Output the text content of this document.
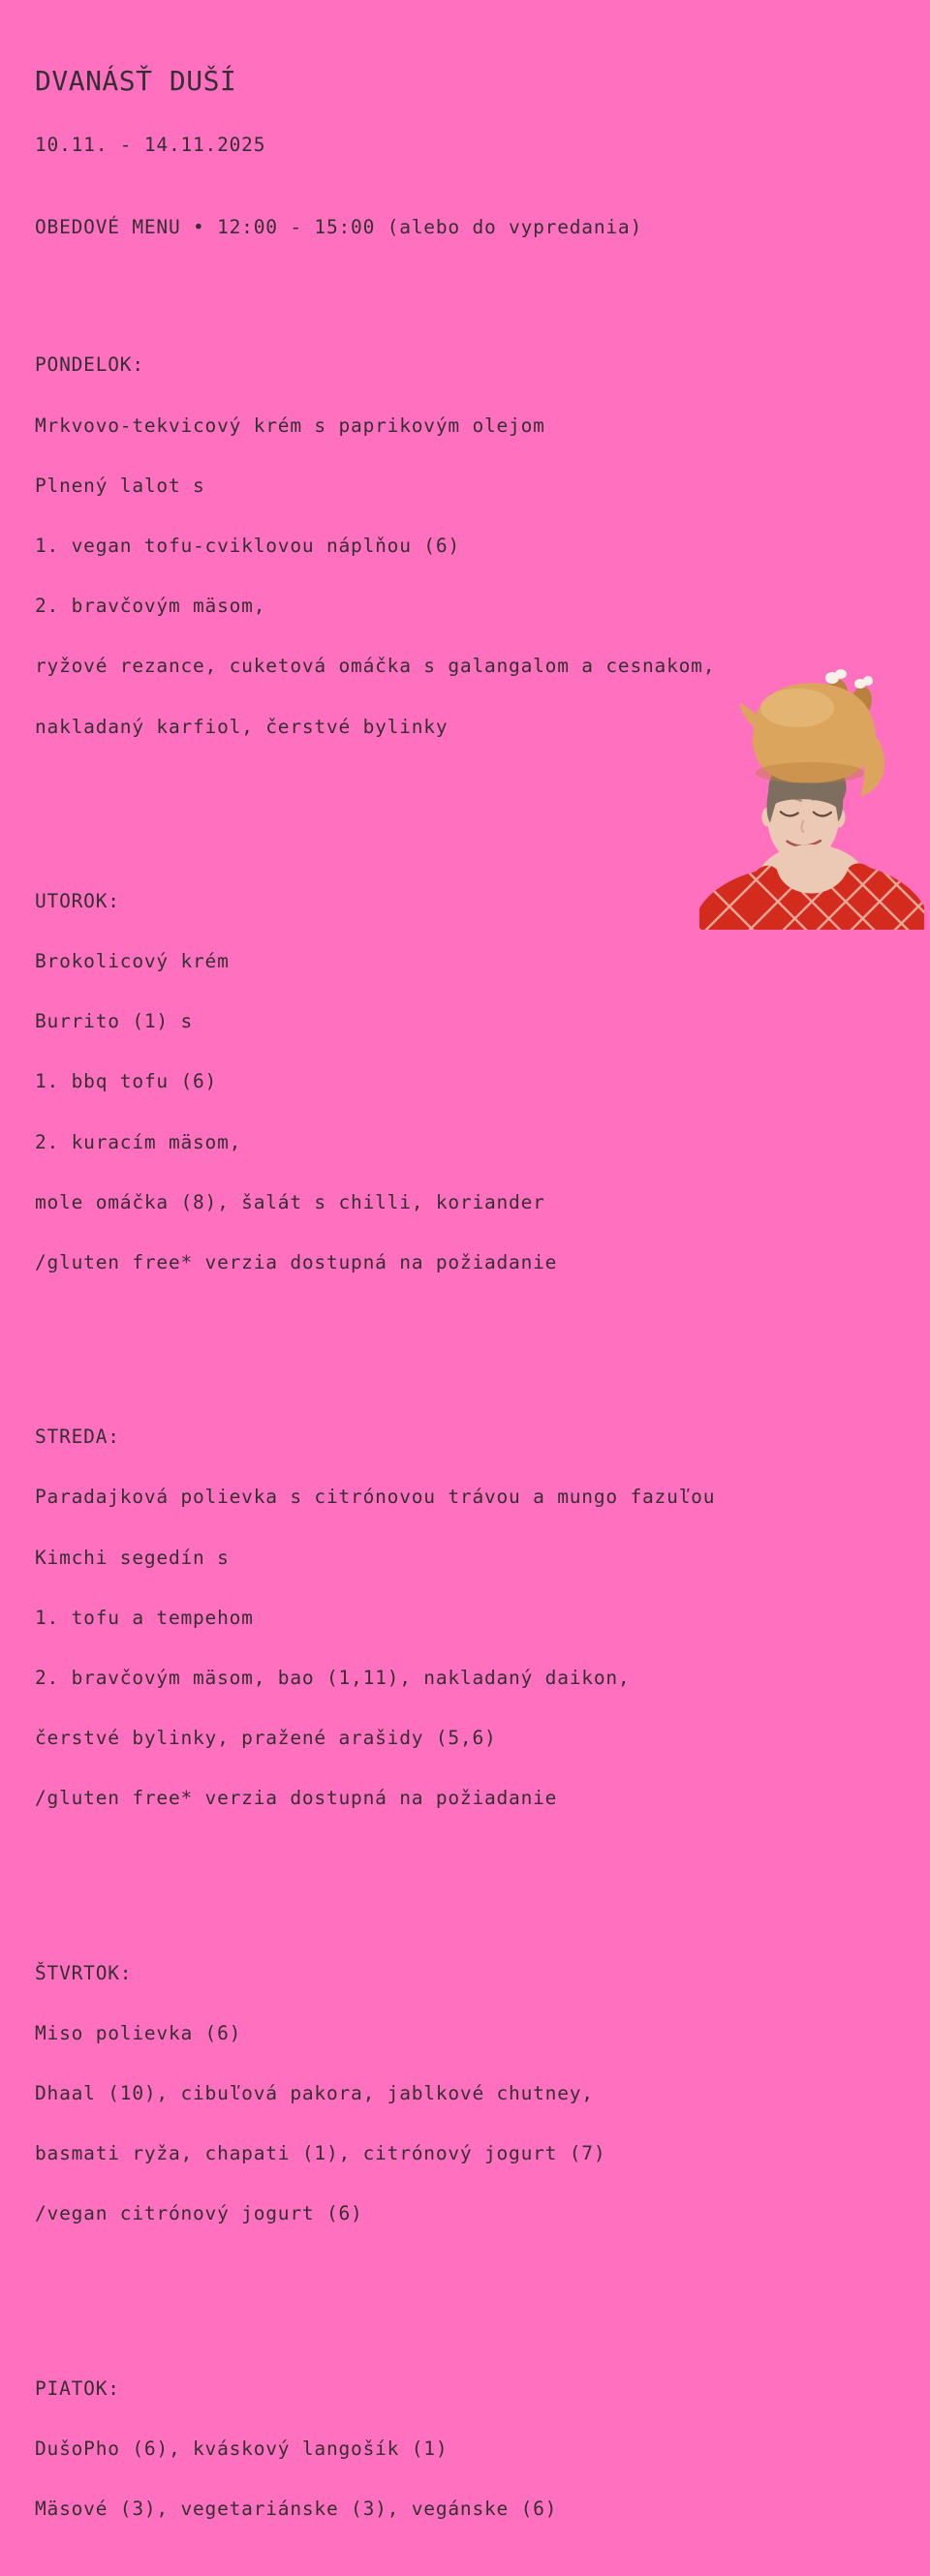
DVANÁSŤ DUŠÍ

10.11. - 14.11.2025

OBEDOVÉ MENU • 12:00 - 15:00 (alebo do vypredania)

PONDELOK:

Mrkvovo-tekvicový krém s paprikovým olejom

Plnený lalot s

1. vegan tofu-cviklovou náplňou (6)

2. bravčovým mäsom,

ryžové rezance, cuketová omáčka s galangalom a cesnakom,

nakladaný karfiol, čerstvé bylinky

UTOROK:

Brokolicový krém

Burrito (1) s

1. bbq tofu (6)

2. kuracím mäsom,

mole omáčka (8), šalát s chilli, koriander

/gluten free* verzia dostupná na požiadanie

STREDA:

Paradajková polievka s citrónovou trávou a mungo fazuľou

Kimchi segedín s

1. tofu a tempehom

2. bravčovým mäsom, bao (1,11), nakladaný daikon,

čerstvé bylinky, pražené arašidy (5,6)

/gluten free* verzia dostupná na požiadanie

ŠTVRTOK:

Miso polievka (6)

Dhaal (10), cibuľová pakora, jablkové chutney,

basmati ryža, chapati (1), citrónový jogurt (7)

/vegan citrónový jogurt (6)

PIATOK:

DušoPho (6), kváskový langošík (1)

Mäsové (3), vegetariánske (3), vegánske (6)
